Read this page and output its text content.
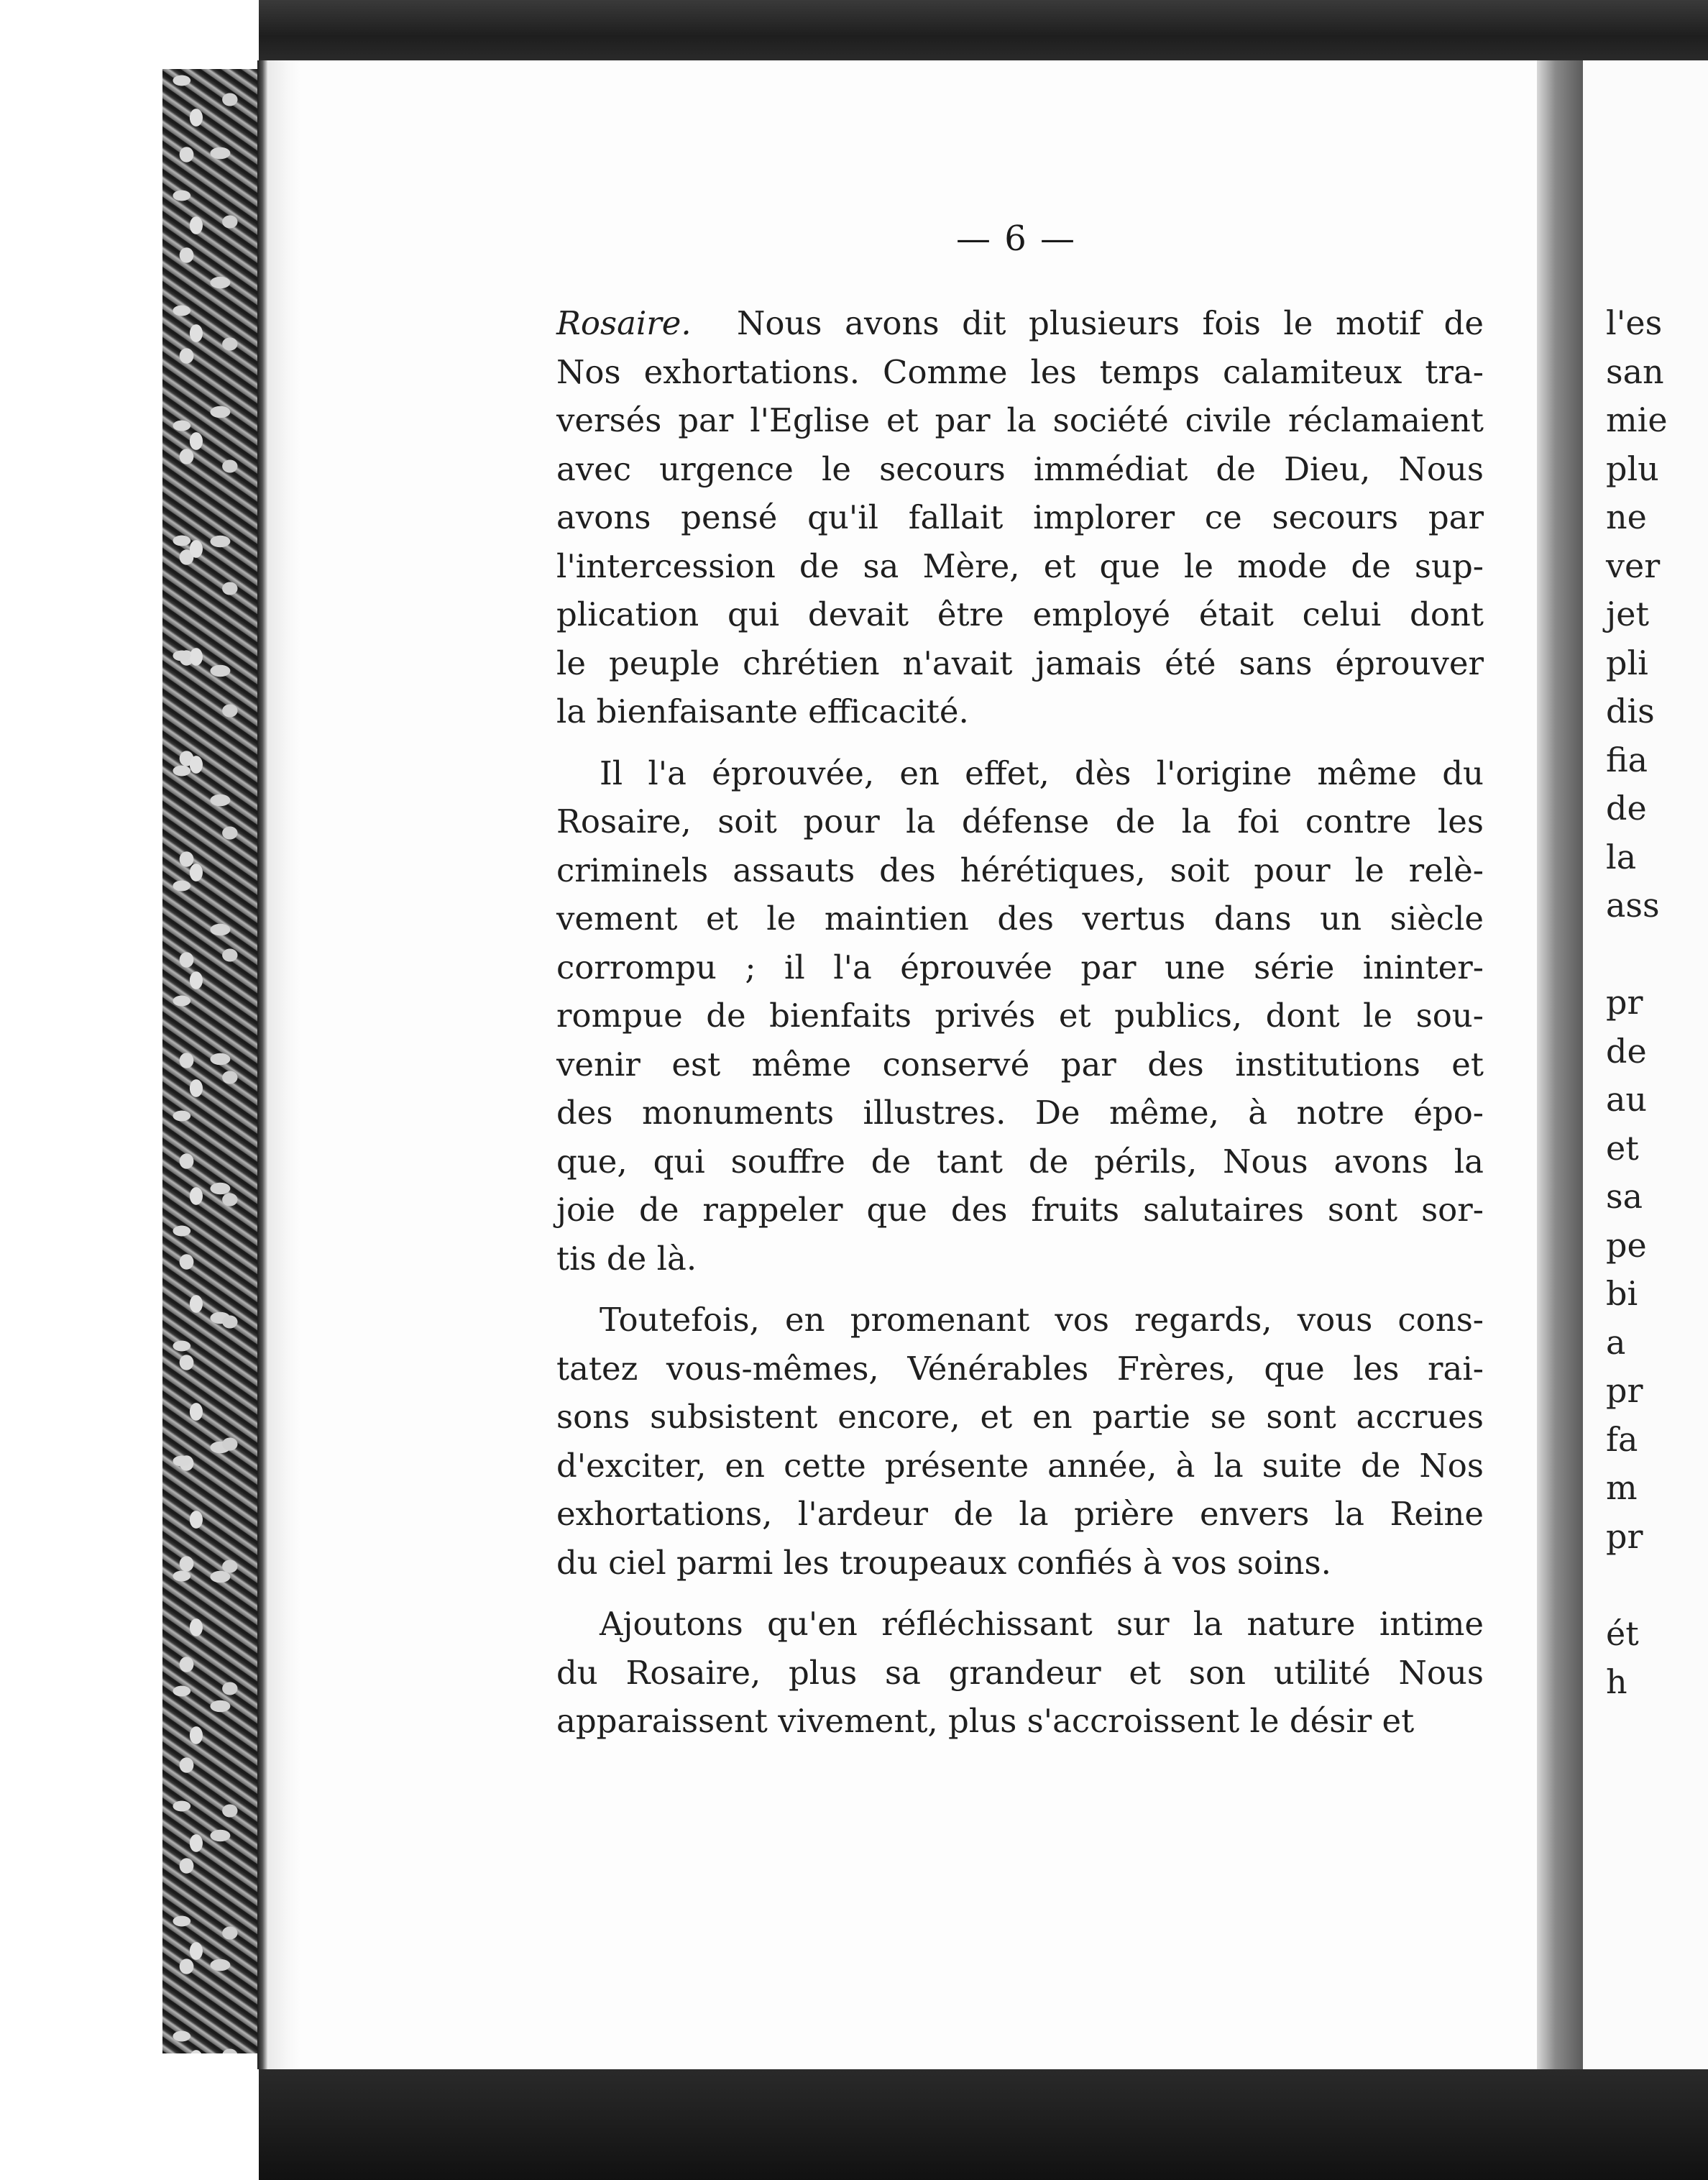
— 6 —
Rosaire.  Nous avons dit plusieurs fois le motif de
Nos exhortations. Comme les temps calamiteux tra-
versés par l'Eglise et par la société civile réclamaient
avec urgence le secours immédiat de Dieu, Nous
avons pensé qu'il fallait implorer ce secours par
l'intercession de sa Mère, et que le mode de sup-
plication qui devait être employé était celui dont
le peuple chrétien n'avait jamais été sans éprouver
la bienfaisante efficacité.
Il l'a éprouvée, en effet, dès l'origine même du
Rosaire, soit pour la défense de la foi contre les
criminels assauts des hérétiques, soit pour le relè-
vement et le maintien des vertus dans un siècle
corrompu ; il l'a éprouvée par une série ininter-
rompue de bienfaits privés et publics, dont le sou-
venir est même conservé par des institutions et
des monuments illustres. De même, à notre épo-
que, qui souffre de tant de périls, Nous avons la
joie de rappeler que des fruits salutaires sont sor-
tis de là.
Toutefois, en promenant vos regards, vous cons-
tatez vous-mêmes, Vénérables Frères, que les rai-
sons subsistent encore, et en partie se sont accrues
d'exciter, en cette présente année, à la suite de Nos
exhortations, l'ardeur de la prière envers la Reine
du ciel parmi les troupeaux confiés à vos soins.
Ajoutons qu'en réfléchissant sur la nature intime
du Rosaire, plus sa grandeur et son utilité Nous
apparaissent vivement, plus s'accroissent le désir et
l'es
san
mie
plu
ne
ver
jet
pli
dis
fia
de
la
ass
pr
de
au
et
sa
pe
bi
a
pr
fa
m
pr
ét
h
